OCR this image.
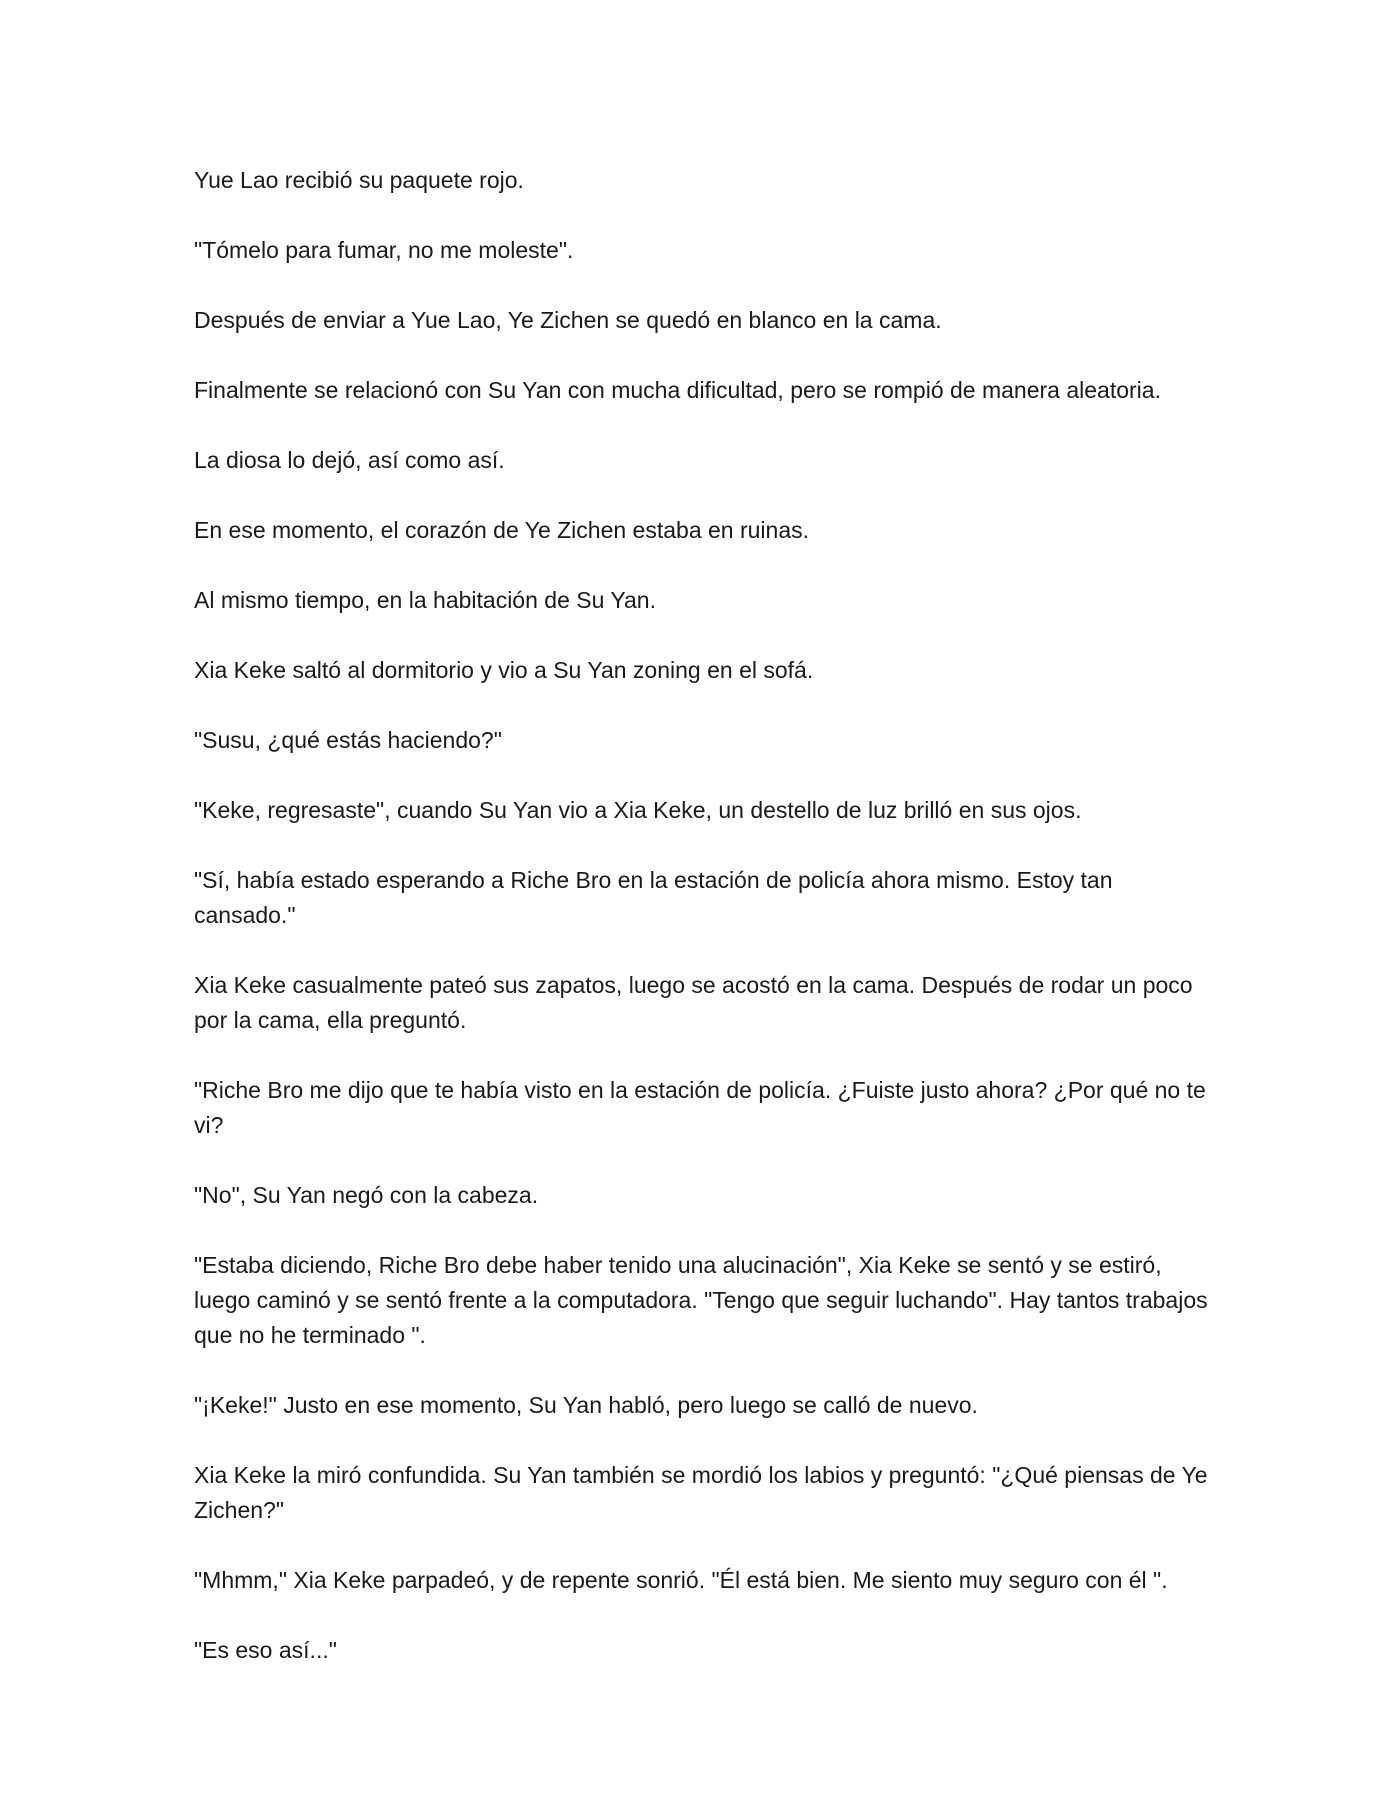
Yue Lao recibió su paquete rojo.

"Tómelo para fumar, no me moleste".

Después de enviar a Yue Lao, Ye Zichen se quedó en blanco en la cama.

Finalmente se relacionó con Su Yan con mucha dificultad, pero se rompió de manera aleatoria.

La diosa lo dejó, así como así.

En ese momento, el corazón de Ye Zichen estaba en ruinas.

Al mismo tiempo, en la habitación de Su Yan.

Xia Keke saltó al dormitorio y vio a Su Yan zoning en el sofá.

"Susu, ¿qué estás haciendo?"

"Keke, regresaste", cuando Su Yan vio a Xia Keke, un destello de luz brilló en sus ojos.

"Sí, había estado esperando a Riche Bro en la estación de policía ahora mismo. Estoy tan cansado."

Xia Keke casualmente pateó sus zapatos, luego se acostó en la cama. Después de rodar un poco por la cama, ella preguntó.

"Riche Bro me dijo que te había visto en la estación de policía. ¿Fuiste justo ahora? ¿Por qué no te vi?

"No", Su Yan negó con la cabeza.

"Estaba diciendo, Riche Bro debe haber tenido una alucinación", Xia Keke se sentó y se estiró, luego caminó y se sentó frente a la computadora. "Tengo que seguir luchando". Hay tantos trabajos que no he terminado ".

"¡Keke!" Justo en ese momento, Su Yan habló, pero luego se calló de nuevo.

Xia Keke la miró confundida. Su Yan también se mordió los labios y preguntó: "¿Qué piensas de Ye Zichen?"

"Mhmm," Xia Keke parpadeó, y de repente sonrió. "Él está bien. Me siento muy seguro con él ".

"Es eso así..."
